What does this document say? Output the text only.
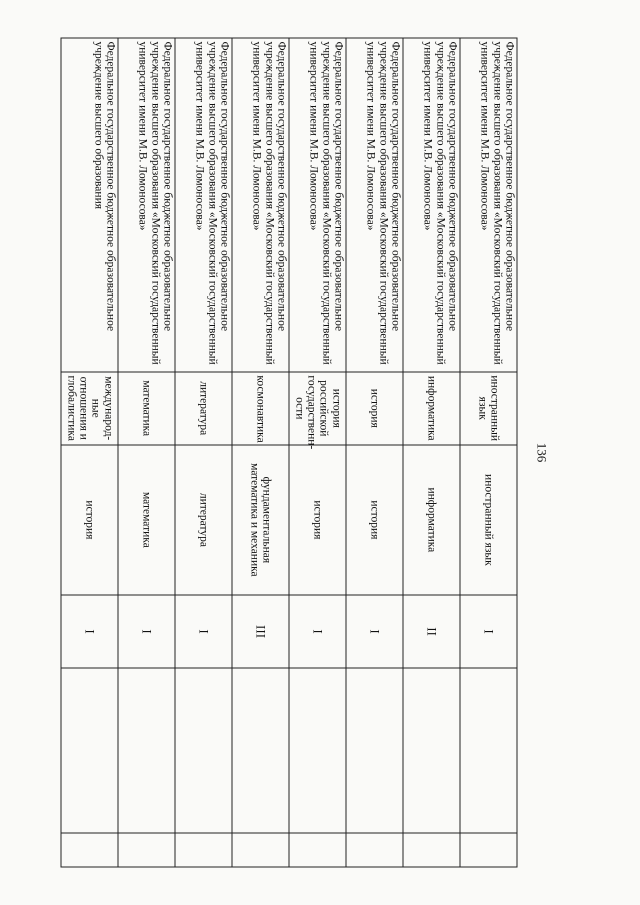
136
Федеральное государственное бюджетное образовательное учреждение высшего образования «Московский государственный университет имени М.В. Ломоносова»	иностранный язык	иностранный язык	I		
Федеральное государственное бюджетное образовательное учреждение высшего образования «Московский государственный университет имени М.В. Ломоносова»	информатика	информатика	II		
Федеральное государственное бюджетное образовательное учреждение высшего образования «Московский государственный университет имени М.В. Ломоносова»	история	история	I		
Федеральное государственное бюджетное образовательное учреждение высшего образования «Московский государственный университет имени М.В. Ломоносова»	история российской государственн-ости	история	I		
Федеральное государственное бюджетное образовательное учреждение высшего образования «Московский государственный университет имени М.В. Ломоносова»	космонавтика	фундаментальная математика и механика	III		
Федеральное государственное бюджетное образовательное учреждение высшего образования «Московский государственный университет имени М.В. Ломоносова»	литература	литература	I		
Федеральное государственное бюджетное образовательное учреждение высшего образования «Московский государственный университет имени М.В. Ломоносова»	математика	математика	I		
Федеральное государственное бюджетное образовательное учреждение высшего образования	международ-ные отношения и глобалистика	история	I		
